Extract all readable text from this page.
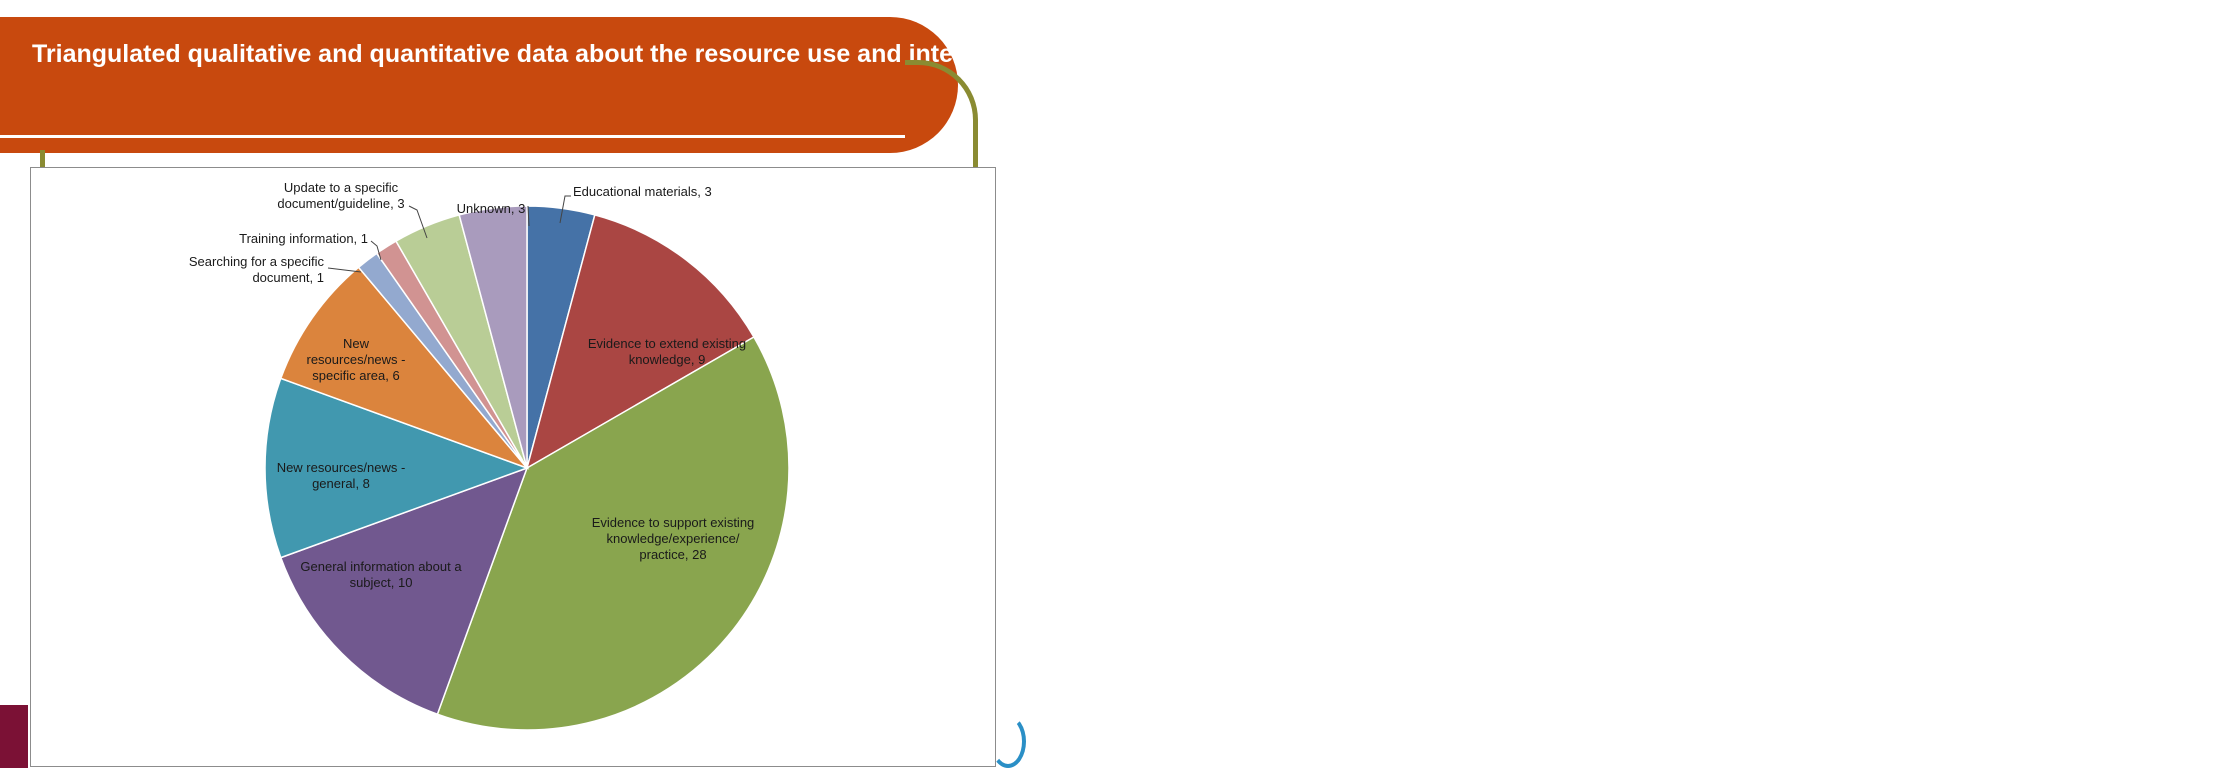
Triangulated qualitative and quantitative data about the resource use and intended purpose of the information sought and its expected impact on target users’ work and clinical practice$^2$
Educational materials, 3
Evidence to extend existing knowledge, 9
Evidence to support existing knowledge/experience/ practice, 28
General information about a subject, 10
New resources/news -general, 8
New resources/news -specific area, 6
Searching for a specific document, 1
Training information, 1
Update to a specific document/guideline, 3	Unknown, 3
